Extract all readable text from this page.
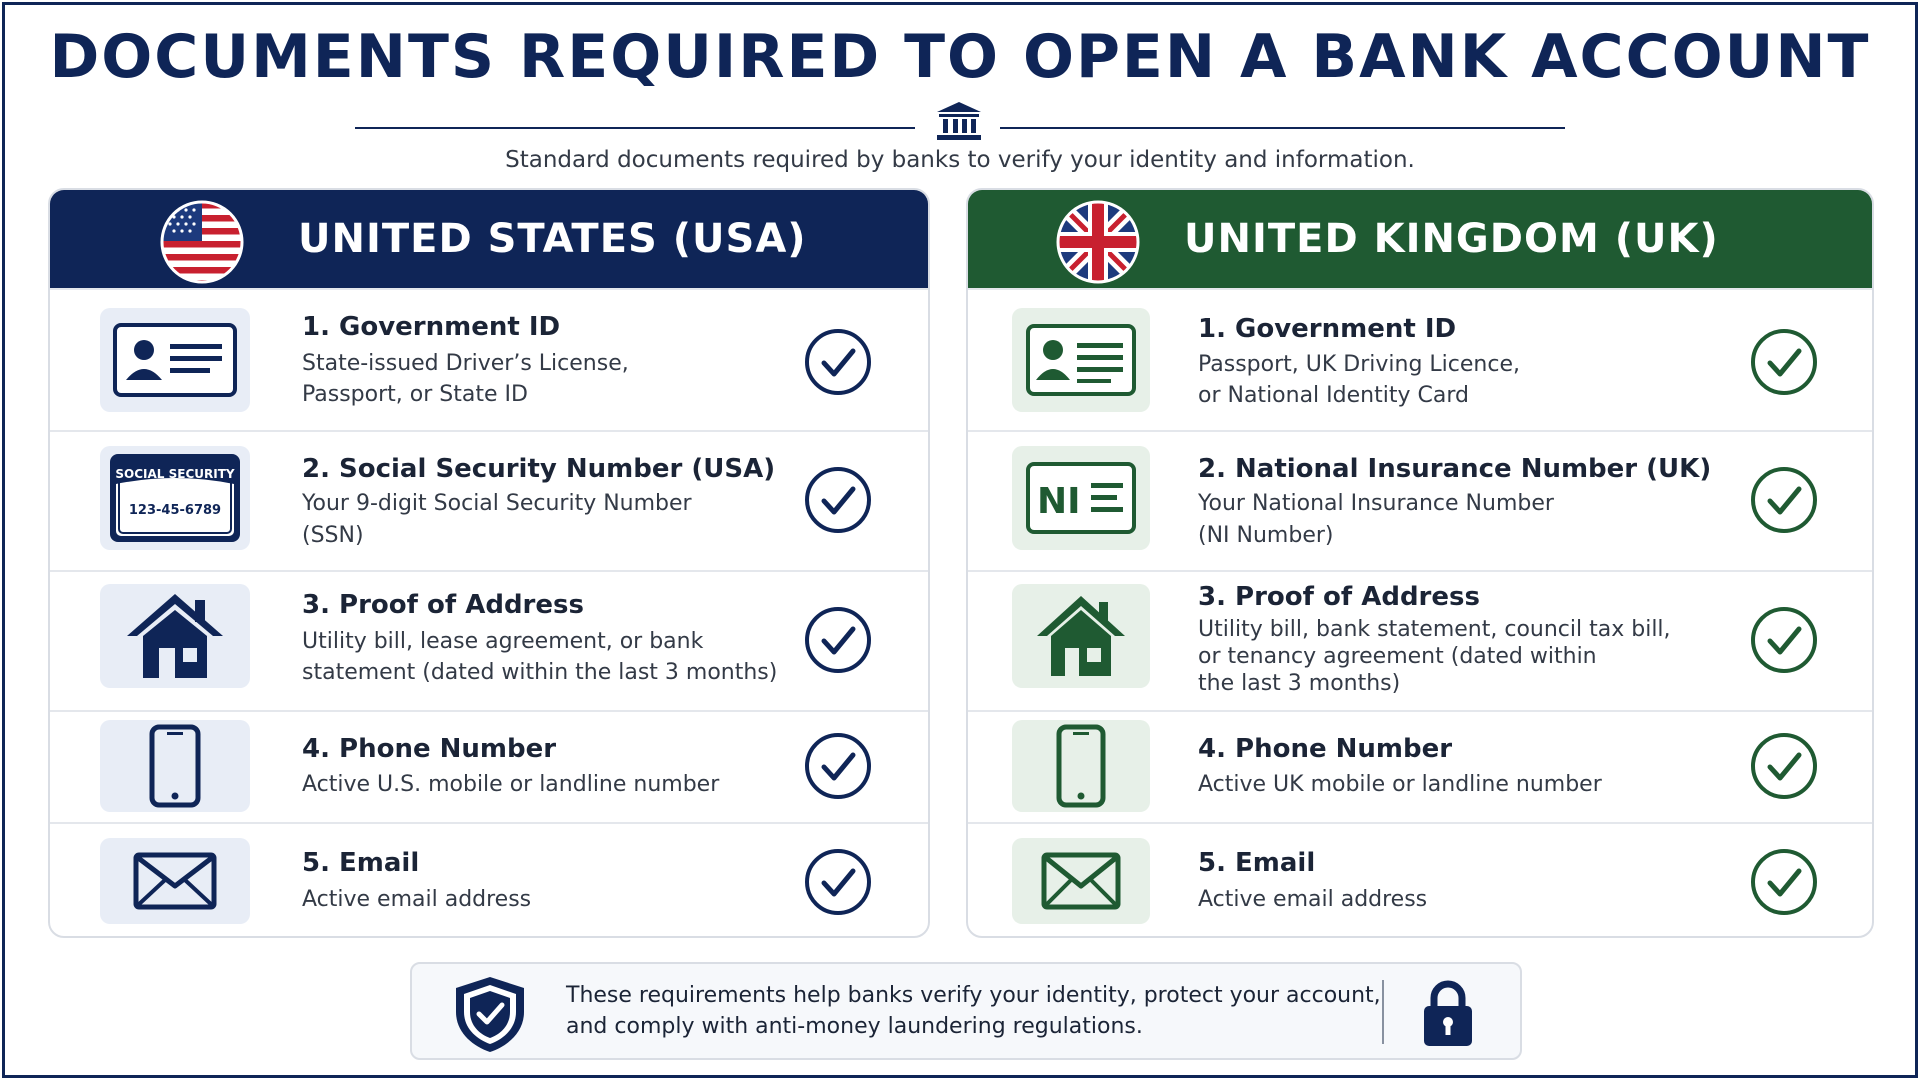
DOCUMENTS REQUIRED TO OPEN A BANK ACCOUNT
Standard documents required by banks to verify your identity and information.
UNITED STATES (USA)
1. Government ID
State-issued Driver’s License,
Passport, or State ID
SOCIAL SECURITY
123-45-6789
2. Social Security Number (USA)
Your 9-digit Social Security Number
(SSN)
3. Proof of Address
Utility bill, lease agreement, or bank
statement (dated within the last 3 months)
4. Phone Number
Active U.S. mobile or landline number
5. Email
Active email address
UNITED KINGDOM (UK)
1. Government ID
Passport, UK Driving Licence,
or National Identity Card
NI
2. National Insurance Number (UK)
Your National Insurance Number
(NI Number)
3. Proof of Address
Utility bill, bank statement, council tax bill,
or tenancy agreement (dated within
the last 3 months)
4. Phone Number
Active UK mobile or landline number
5. Email
Active email address
These requirements help banks verify your identity, protect your account,
and comply with anti-money laundering regulations.
